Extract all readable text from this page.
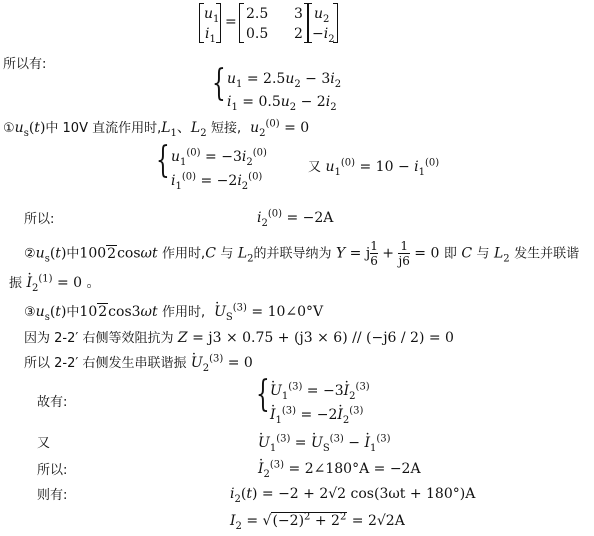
$u_1$
$i_1$
= 2.5 3
0.5 2
$u_2$
$-i_2$
所以有:	{ $u_1 = 2.5u_2 - 3i_2$
$i_1 = 0.5u_2 - 2i_2$
$①u_s(t)$中 10V 直流作用时$,L_1$、$L_2$ 短接, $u_2^{(0)} = 0$
{ $u_1^{(0)} = -3i_2^{(0)}$
$i_1^{(0)} = -2i_2^{(0)}$
又 $u_1^{(0)} = 10 - i_1^{(0)}$
所以:	$i_2^{(0)} = -2A$
$②u_s(t)$中1002cosωt 作用时,C 与 $L_2$的并联导纳为 Y = j $\frac{1}{6} + \frac{1}{j6} = 0$ 即 C 与 $L_2$ 发生并联谐
振 · $I_2^{(1)} = 0$ 。
$③u_s(t)$中102cos3ωt 作用时, · $U_S^{(3)}$ = 10∠0°V
因为 2-2′ 右侧等效阻抗为 Z = j3 × 0.75 + (j3 × 6) // (−j6 / 2) = 0
所以 2-2′ 右侧发生串联谐振 · $U_2^{(3)} = 0$
故有:	{ · $U_1^{(3)} = -3\cdot I_2^{(3)}$
· $I_1^{(3)} = -2\cdot I_2^{(3)}$
又	· $U_1^{(3)}$ = · $U_S^{(3)}$ − · $I_1^{(3)}$
所以:	· $I_2^{(3)}$ = 2∠180°A = −2A
则有:	$i_2(t) = -2 + 2√2$ cos(3ωt + 180°)A
$I_2 = √(-2)^2 + 2^2 = 2√2A$
